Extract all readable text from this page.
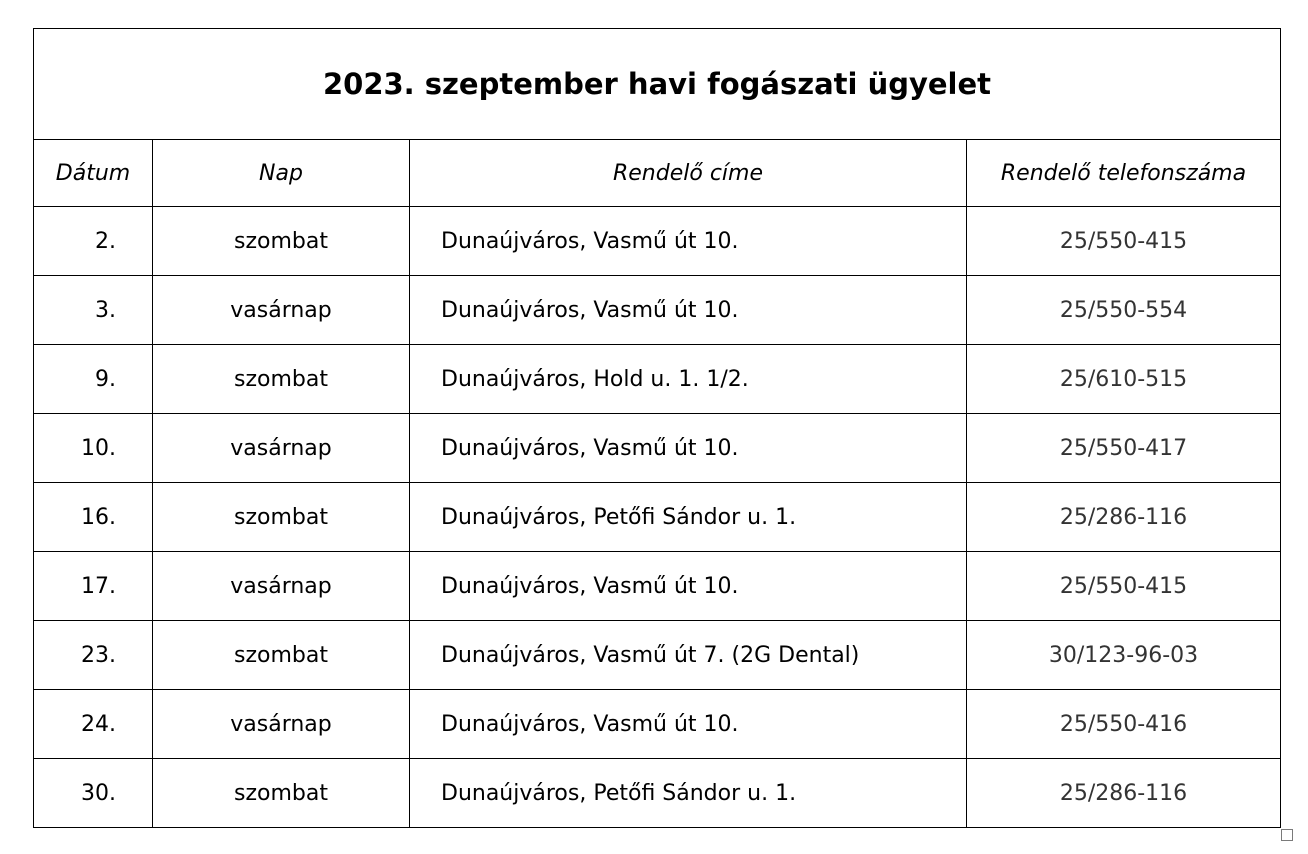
2023. szeptember havi fogászati ügyelet			
Dátum	Nap	Rendelő címe	Rendelő telefonszáma
2.	szombat	Dunaújváros, Vasmű út 10.	25/550-415
3.	vasárnap	Dunaújváros, Vasmű út 10.	25/550-554
9.	szombat	Dunaújváros, Hold u. 1. 1/2.	25/610-515
10.	vasárnap	Dunaújváros, Vasmű út 10.	25/550-417
16.	szombat	Dunaújváros, Petőfi Sándor u. 1.	25/286-116
17.	vasárnap	Dunaújváros, Vasmű út 10.	25/550-415
23.	szombat	Dunaújváros, Vasmű út 7. (2G Dental)	30/123-96-03
24.	vasárnap	Dunaújváros, Vasmű út 10.	25/550-416
30.	szombat	Dunaújváros, Petőfi Sándor u. 1.	25/286-116
